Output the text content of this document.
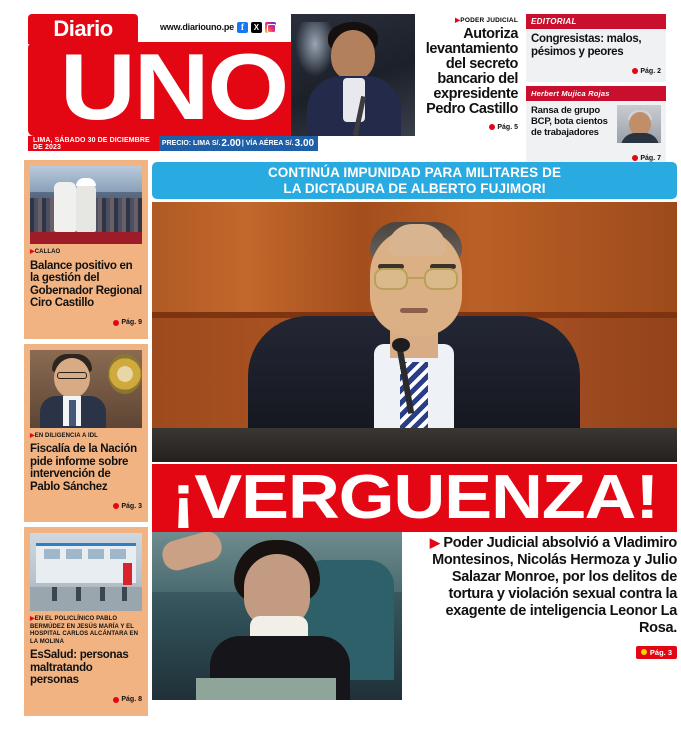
Diario
UNO
LIMA, SÁBADO 30 DE DICIEMBRE DE 2023	PRECIO: LIMA S/. 2.00 | VÍA AÉREA S/. 3.00
www.diariouno.pe
f
X
▶PODER JUDICIAL
Autoriza levantamiento del secreto bancario del expresidente Pedro Castillo
Pág. 5
EDITORIAL
Congresistas: malos, pésimos y peores
Pág. 2
Herbert Mujica Rojas
Ransa de grupo BCP, bota cientos de trabajadores
Pág. 7
▶CALLAO
Balance positivo en la gestión del Gobernador Regional Ciro Castillo
Pág. 9
▶EN DILIGENCIA A IDL
Fiscalía de la Nación pide informe sobre intervención de Pablo Sánchez
Pág. 3
▶EN EL POLICLÍNICO PABLO BERMÚDEZ EN JESÚS MARÍA Y EL HOSPITAL CARLOS ALCÁNTARA EN LA MOLINA
EsSalud: personas maltratando personas
Pág. 8
CONTINÚA IMPUNIDAD PARA MILITARES DE
LA DICTADURA DE ALBERTO FUJIMORI
¡VERGUENZA!

▶ Poder Judicial absolvió a Vladimiro Montesinos, Nicolás Hermoza y Julio Salazar Monroe, por los delitos de tortura y violación sexual contra la exagente de inteligencia Leonor La Rosa.

Pág. 3
